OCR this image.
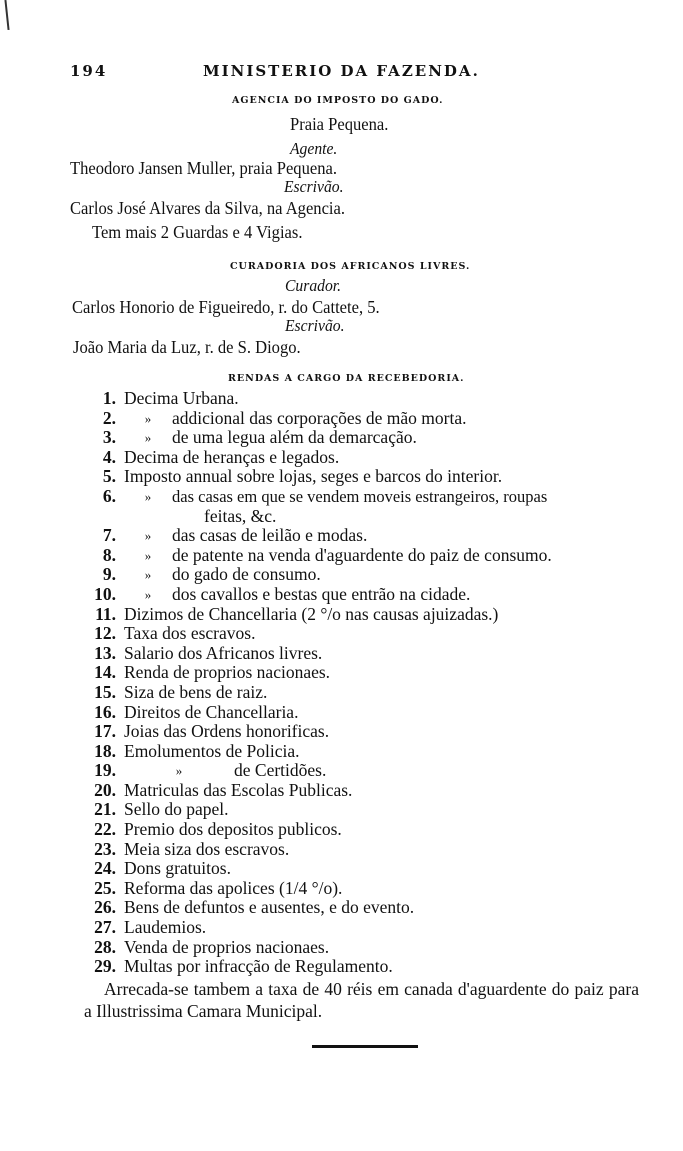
194	MINISTERIO DA FAZENDA.
AGENCIA DO IMPOSTO DO GADO.
Praia Pequena.
Agente.
Theodoro Jansen Muller, praia Pequena.
Escrivão.
Carlos José Alvares da Silva, na Agencia.
Tem mais 2 Guardas e 4 Vigias.
CURADORIA DOS AFRICANOS LIVRES.
Curador.
Carlos Honorio de Figueiredo, r. do Cattete, 5.
Escrivão.
João Maria da Luz, r. de S. Diogo.
RENDAS A CARGO DA RECEBEDORIA.
1. Decima Urbana.
2.	»	addicional das corporações de mão morta.
3.	»	de uma legua além da demarcação.
4. Decima de heranças e legados.
5. Imposto annual sobre lojas, seges e barcos do interior.
6.	»	das casas em que se vendem moveis estrangeiros, roupas
feitas, &c.
7.	»	das casas de leilão e modas.
8.	»	de patente na venda d'aguardente do paiz de consumo.
9.	»	do gado de consumo.
10.	»	dos cavallos e bestas que entrão na cidade.
11. Dizimos de Chancellaria (2 °/o nas causas ajuizadas.)
12. Taxa dos escravos.
13. Salario dos Africanos livres.
14. Renda de proprios nacionaes.
15. Siza de bens de raiz.
16. Direitos de Chancellaria.
17. Joias das Ordens honorificas.
18. Emolumentos de Policia.
19.	»	de Certidões.
20. Matriculas das Escolas Publicas.
21. Sello do papel.
22. Premio dos depositos publicos.
23. Meia siza dos escravos.
24. Dons gratuitos.
25. Reforma das apolices (1/4 °/o).
26. Bens de defuntos e ausentes, e do evento.
27. Laudemios.
28. Venda de proprios nacionaes.
29. Multas por infracção de Regulamento.
Arrecada-se tambem a taxa de 40 réis em canada d'aguardente do paiz para a Illustrissima Camara Municipal.
